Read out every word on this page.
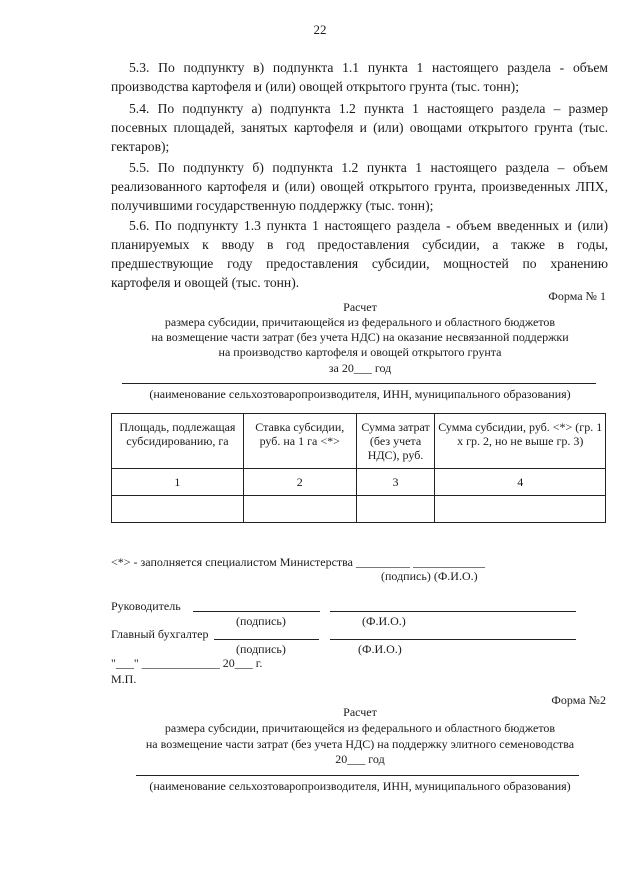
22

5.3. По подпункту в) подпункта 1.1 пункта 1 настоящего раздела - объем производства картофеля и (или) овощей открытого грунта (тыс. тонн);

5.4. По подпункту а) подпункта 1.2 пункта 1 настоящего раздела – размер посевных площадей, занятых картофеля и (или) овощами открытого грунта (тыс. гектаров);

5.5. По подпункту б) подпункта 1.2 пункта 1 настоящего раздела – объем реализованного картофеля и (или) овощей открытого грунта, произведенных ЛПХ, получившими государственную поддержку (тыс. тонн);

5.6. По подпункту 1.3 пункта 1 настоящего раздела - объем введенных и (или) планируемых к вводу в год предоставления субсидии, а также в годы, предшествующие году предоставления субсидии, мощностей по хранению картофеля и овощей (тыс. тонн).

Форма № 1
Расчет
размера субсидии, причитающейся из федерального и областного бюджетов
на возмещение части затрат (без учета НДС) на оказание несвязанной поддержки
на производство картофеля и овощей открытого грунта
за 20___ год
(наименование сельхозтоваропроизводителя, ИНН, муниципального образования)
Площадь, подлежащая субсидированию, га	Ставка субсидии, руб. на 1 га <*>	Сумма затрат (без учета НДС), руб.	Сумма субсидии, руб. <*> (гр. 1 x гр. 2, но не выше гр. 3)
1	2	3	4

<*> - заполняется специалистом Министерства _________ ____________
(подпись) (Ф.И.О.)
Руководитель
(подпись)	(Ф.И.О.)
Главный бухгалтер
(подпись)	(Ф.И.О.)
"___" _____________ 20___ г.
М.П.
Форма №2
Расчет
размера субсидии, причитающейся из федерального и областного бюджетов
на возмещение части затрат (без учета НДС) на поддержку элитного семеноводства
20___ год
(наименование сельхозтоваропроизводителя, ИНН, муниципального образования)
